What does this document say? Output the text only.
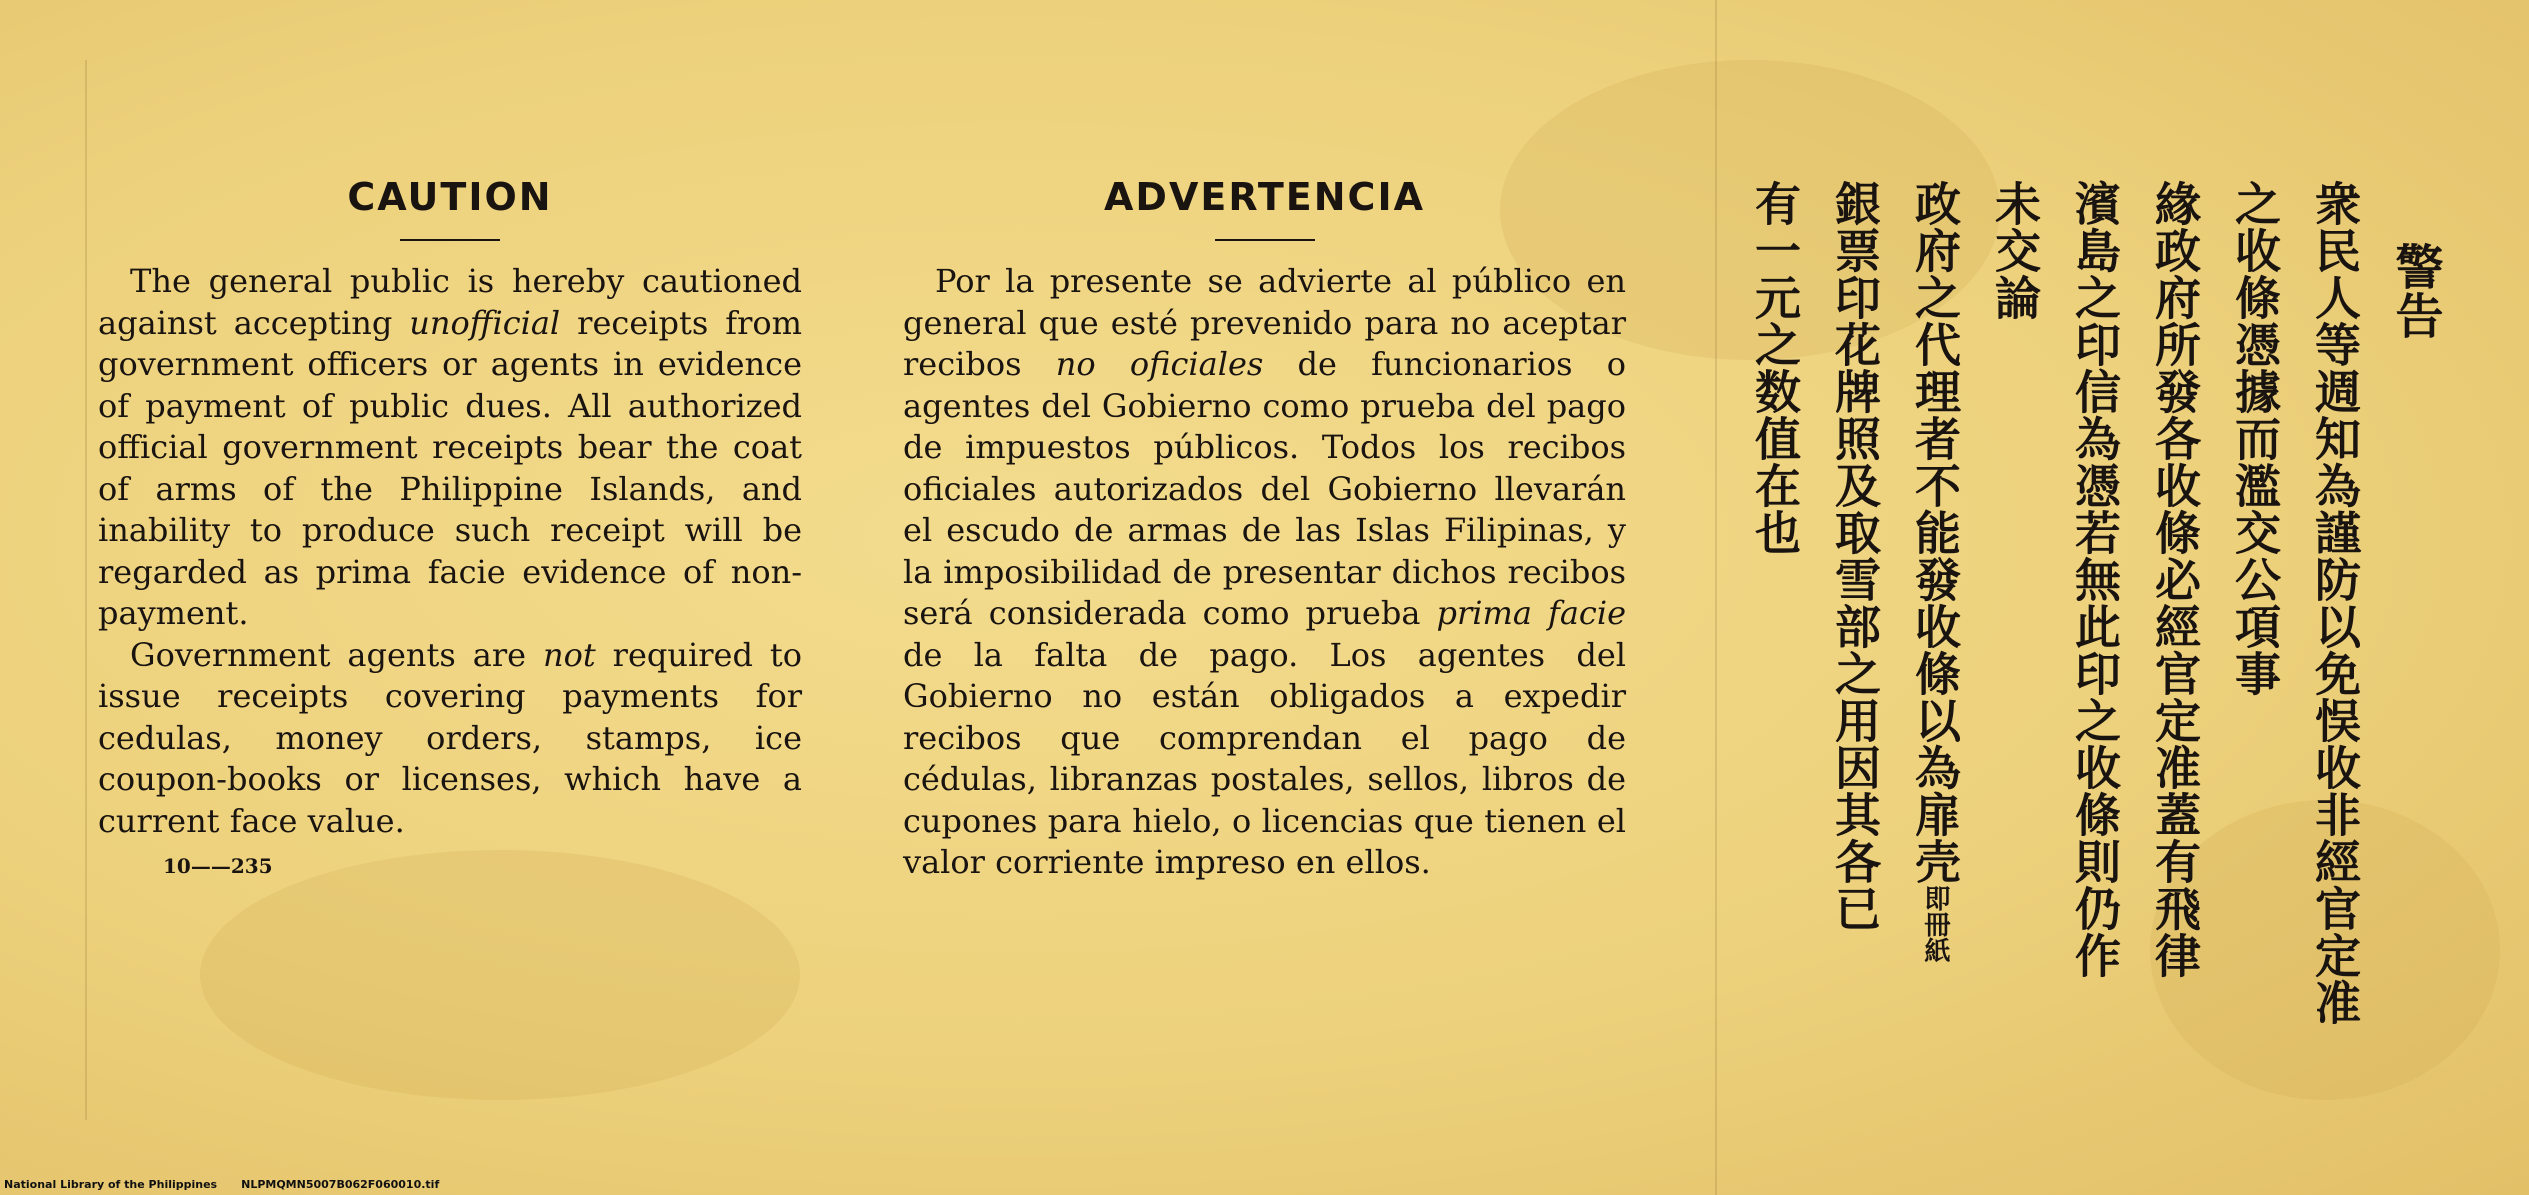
CAUTION

The general public is hereby cautioned against accepting unofficial receipts from government officers or agents in evidence of payment of public dues. All authorized official government receipts bear the coat of arms of the Philippine Islands, and inability to produce such receipt will be regarded as prima facie evidence of non-payment.

Government agents are not required to issue receipts covering payments for cedulas, money orders, stamps, ice coupon-books or licenses, which have a current face value.

10——235
ADVERTENCIA

Por la presente se advierte al público en general que esté prevenido para no aceptar recibos no oficiales de funcionarios o agentes del Gobierno como prueba del pago de impuestos públicos. Todos los recibos oficiales autorizados del Gobierno llevarán el escudo de armas de las Islas Filipinas, y la imposibilidad de presentar dichos recibos será considerada como prueba prima facie de la falta de pago. Los agentes del Gobierno no están obligados a expedir recibos que comprendan el pago de cédulas, libranzas postales, sellos, libros de cupones para hielo, o licencias que tienen el valor corriente impreso en ellos.

警告
衆民人等週知為謹防以免悮收非經官定准
之收條憑據而濫交公項事
緣政府所發各收條必經官定准蓋有飛律
濱島之印信為憑若無此印之收條則仍作
未交論
政府之代理者不能發收條以為扉壳即冊紙
銀票印花牌照及取雪部之用因其各已
有一元之数值在也
National Library of the Philippines NLPMQMN5007B062F060010.tif
